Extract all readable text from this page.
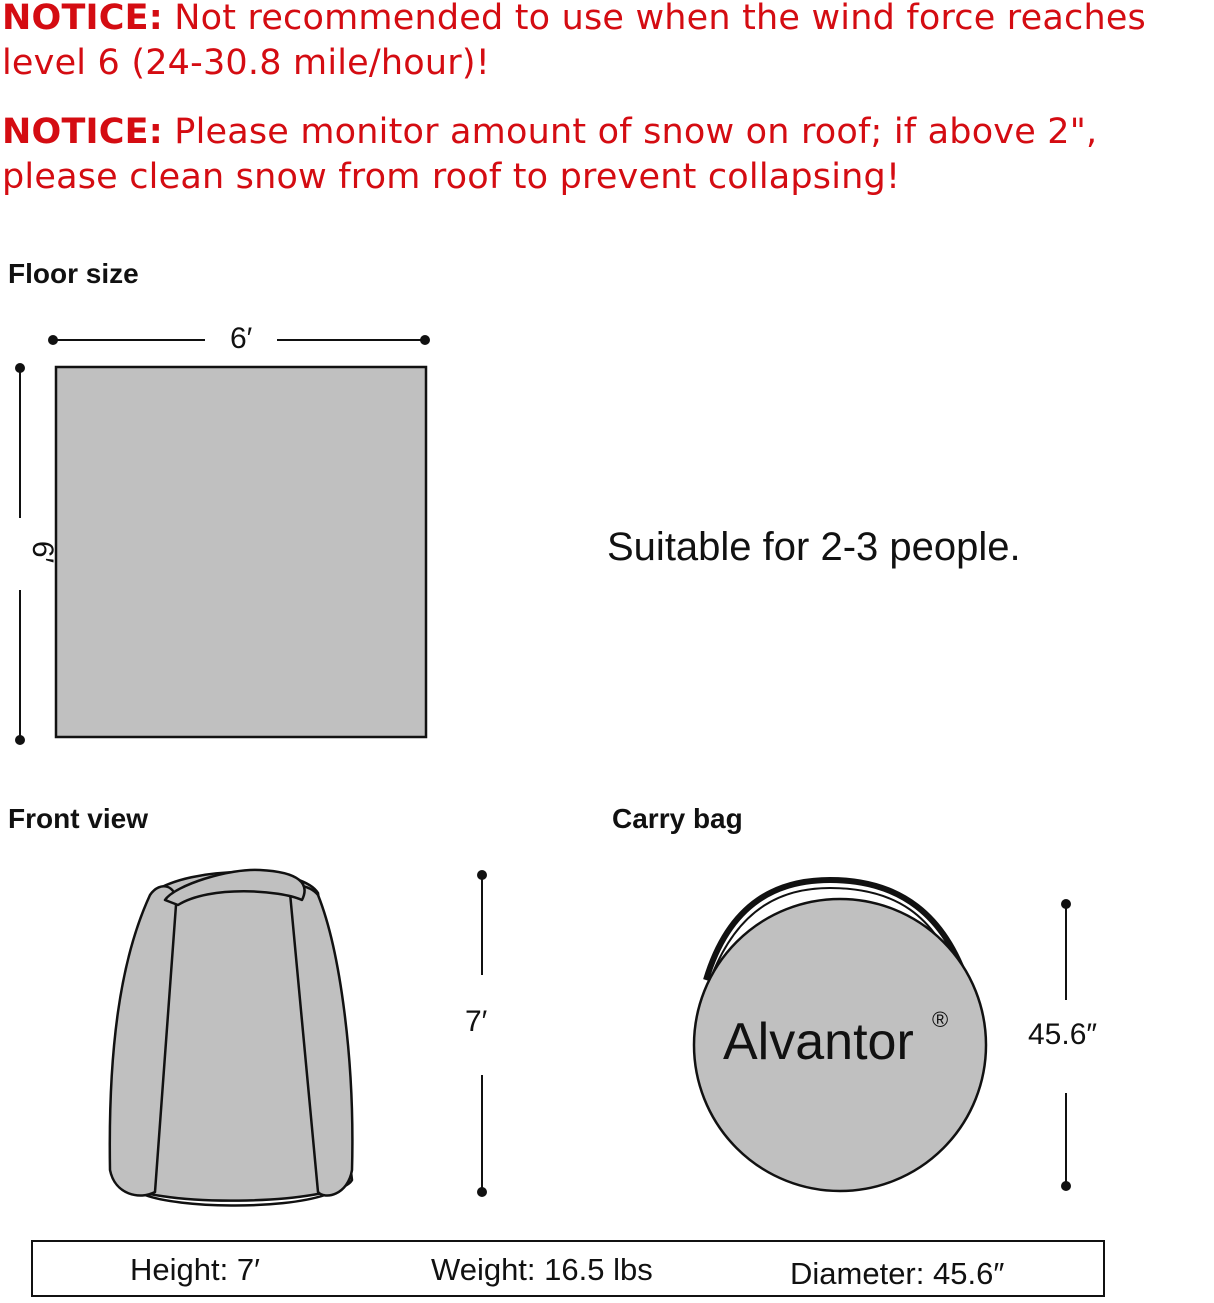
NOTICE: Not recommended to use when the wind force reaches
level 6 (24-30.8 mile/hour)!
NOTICE: Please monitor amount of snow on roof; if above 2",
please clean snow from roof to prevent collapsing!
6′
Floor size
Front view	Carry bag
6′
7′	45.6″
Suitable for 2-3 people.
Alvantor ®
Height: 7′	Weight: 16.5 lbs	Diameter: 45.6″
